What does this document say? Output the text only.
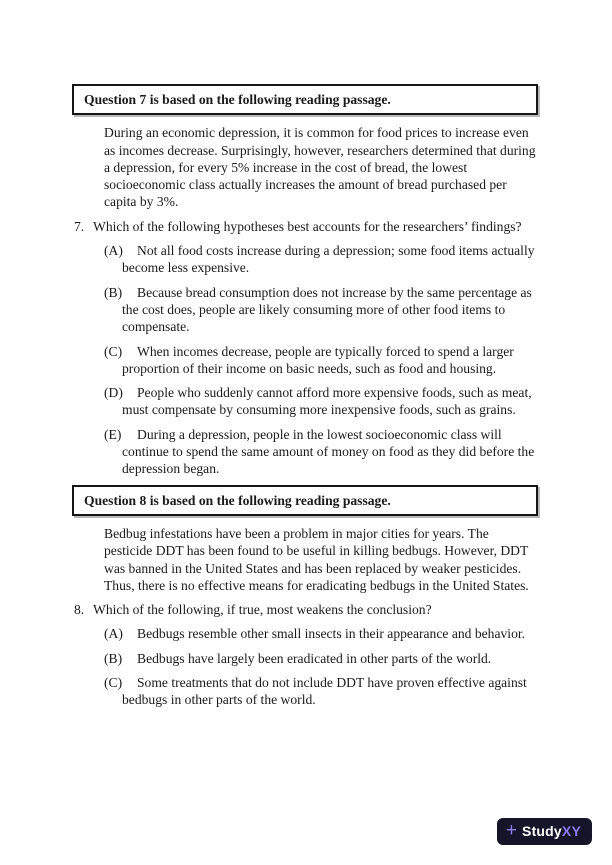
Question 7 is based on the following reading passage.
During an economic depression, it is common for food prices to increase even as incomes decrease. Surprisingly, however, researchers determined that during a depression, for every 5% increase in the cost of bread, the lowest socioeconomic class actually increases the amount of bread purchased per capita by 3%.
7. Which of the following hypotheses best accounts for the researchers’ findings?
(A) Not all food costs increase during a depression; some food items actually become less expensive.
(B) Because bread consumption does not increase by the same percentage as the cost does, people are likely consuming more of other food items to compensate.
(C) When incomes decrease, people are typically forced to spend a larger proportion of their income on basic needs, such as food and housing.
(D) People who suddenly cannot afford more expensive foods, such as meat, must compensate by consuming more inexpensive foods, such as grains.
(E) During a depression, people in the lowest socioeconomic class will continue to spend the same amount of money on food as they did before the depression began.
Question 8 is based on the following reading passage.
Bedbug infestations have been a problem in major cities for years. The pesticide DDT has been found to be useful in killing bedbugs. However, DDT was banned in the United States and has been replaced by weaker pesticides. Thus, there is no effective means for eradicating bedbugs in the United States.
8. Which of the following, if true, most weakens the conclusion?
(A) Bedbugs resemble other small insects in their appearance and behavior.
(B) Bedbugs have largely been eradicated in other parts of the world.
(C) Some treatments that do not include DDT have proven effective against bedbugs in other parts of the world.
+ StudyXY
